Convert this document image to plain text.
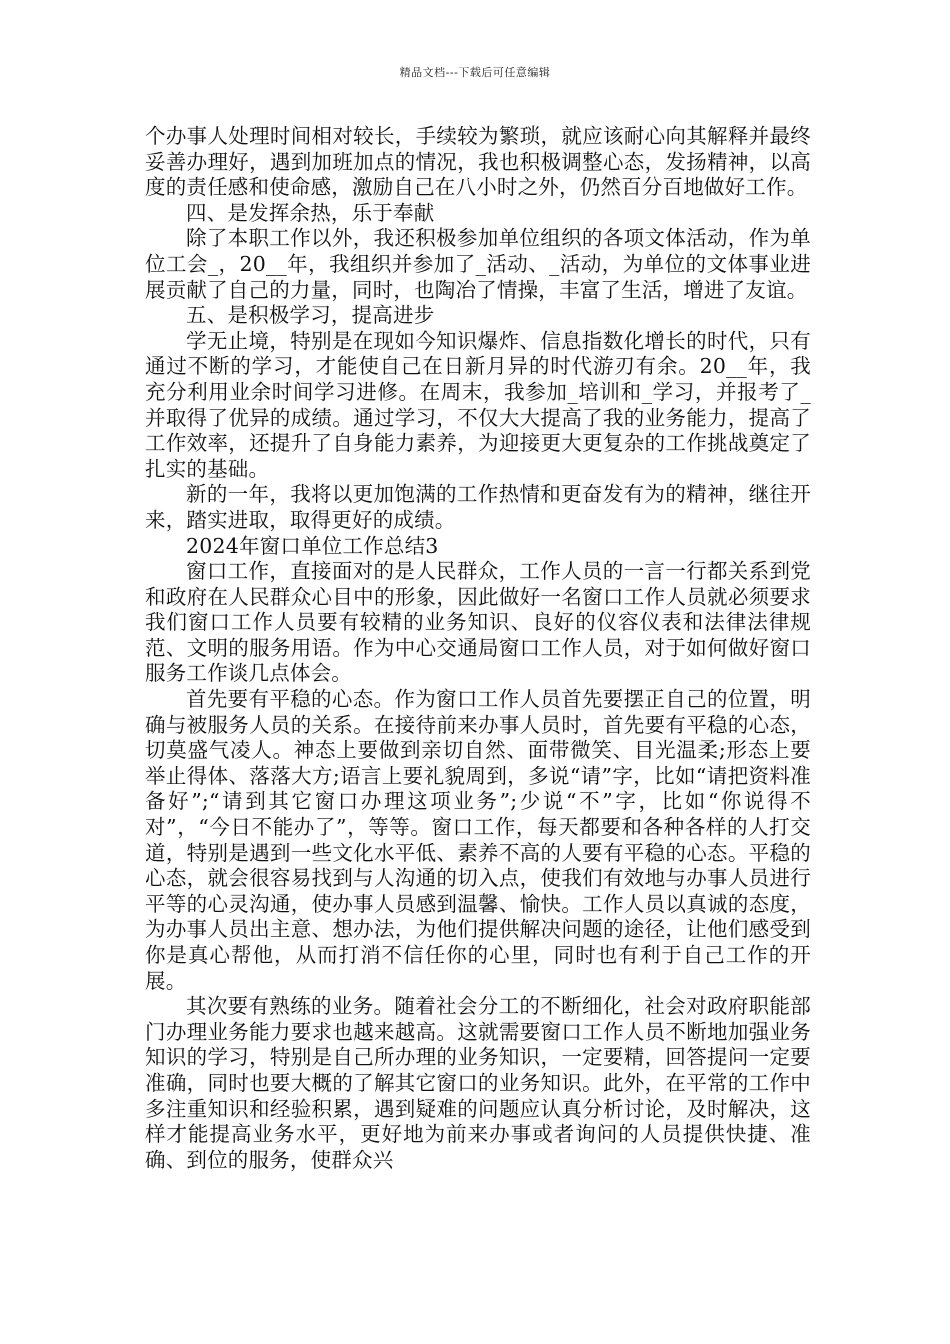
精品文档---下载后可任意编辑

个办事人处理时间相对较长，手续较为繁琐，就应该耐心向其解释并最终妥善办理好，遇到加班加点的情况，我也积极调整心态，发扬精神，以高度的责任感和使命感，激励自己在八小时之外，仍然百分百地做好工作。

四、是发挥余热，乐于奉献

除了本职工作以外，我还积极参加单位组织的各项文体活动，作为单位工会_，20__年，我组织并参加了_活动、_活动，为单位的文体事业进展贡献了自己的力量，同时，也陶冶了情操，丰富了生活，增进了友谊。

五、是积极学习，提高进步

学无止境，特别是在现如今知识爆炸、信息指数化增长的时代，只有通过不断的学习，才能使自己在日新月异的时代游刃有余。20__年，我充分利用业余时间学习进修。在周末，我参加_培训和_学习，并报考了_并取得了优异的成绩。通过学习，不仅大大提高了我的业务能力，提高了工作效率，还提升了自身能力素养，为迎接更大更复杂的工作挑战奠定了扎实的基础。

新的一年，我将以更加饱满的工作热情和更奋发有为的精神，继往开来，踏实进取，取得更好的成绩。

2024年窗口单位工作总结3

窗口工作，直接面对的是人民群众，工作人员的一言一行都关系到党和政府在人民群众心目中的形象，因此做好一名窗口工作人员就必须要求我们窗口工作人员要有较精的业务知识、良好的仪容仪表和法律法律规范、文明的服务用语。作为中心交通局窗口工作人员，对于如何做好窗口服务工作谈几点体会。

首先要有平稳的心态。作为窗口工作人员首先要摆正自己的位置，明确与被服务人员的关系。在接待前来办事人员时，首先要有平稳的心态，切莫盛气凌人。神态上要做到亲切自然、面带微笑、目光温柔;形态上要举止得体、落落大方;语言上要礼貌周到，多说“请”字，比如“请把资料准备好”;“请到其它窗口办理这项业务”;少说“不”字，比如“你说得不对”，“今日不能办了”，等等。窗口工作，每天都要和各种各样的人打交道，特别是遇到一些文化水平低、素养不高的人要有平稳的心态。平稳的心态，就会很容易找到与人沟通的切入点，使我们有效地与办事人员进行平等的心灵沟通，使办事人员感到温馨、愉快。工作人员以真诚的态度，为办事人员出主意、想办法，为他们提供解决问题的途径，让他们感受到你是真心帮他，从而打消不信任你的心里，同时也有利于自己工作的开展。

其次要有熟练的业务。随着社会分工的不断细化，社会对政府职能部门办理业务能力要求也越来越高。这就需要窗口工作人员不断地加强业务知识的学习，特别是自己所办理的业务知识，一定要精，回答提问一定要准确，同时也要大概的了解其它窗口的业务知识。此外，在平常的工作中多注重知识和经验积累，遇到疑难的问题应认真分析讨论，及时解决，这样才能提高业务水平，更好地为前来办事或者询问的人员提供快捷、准确、到位的服务，使群众兴
